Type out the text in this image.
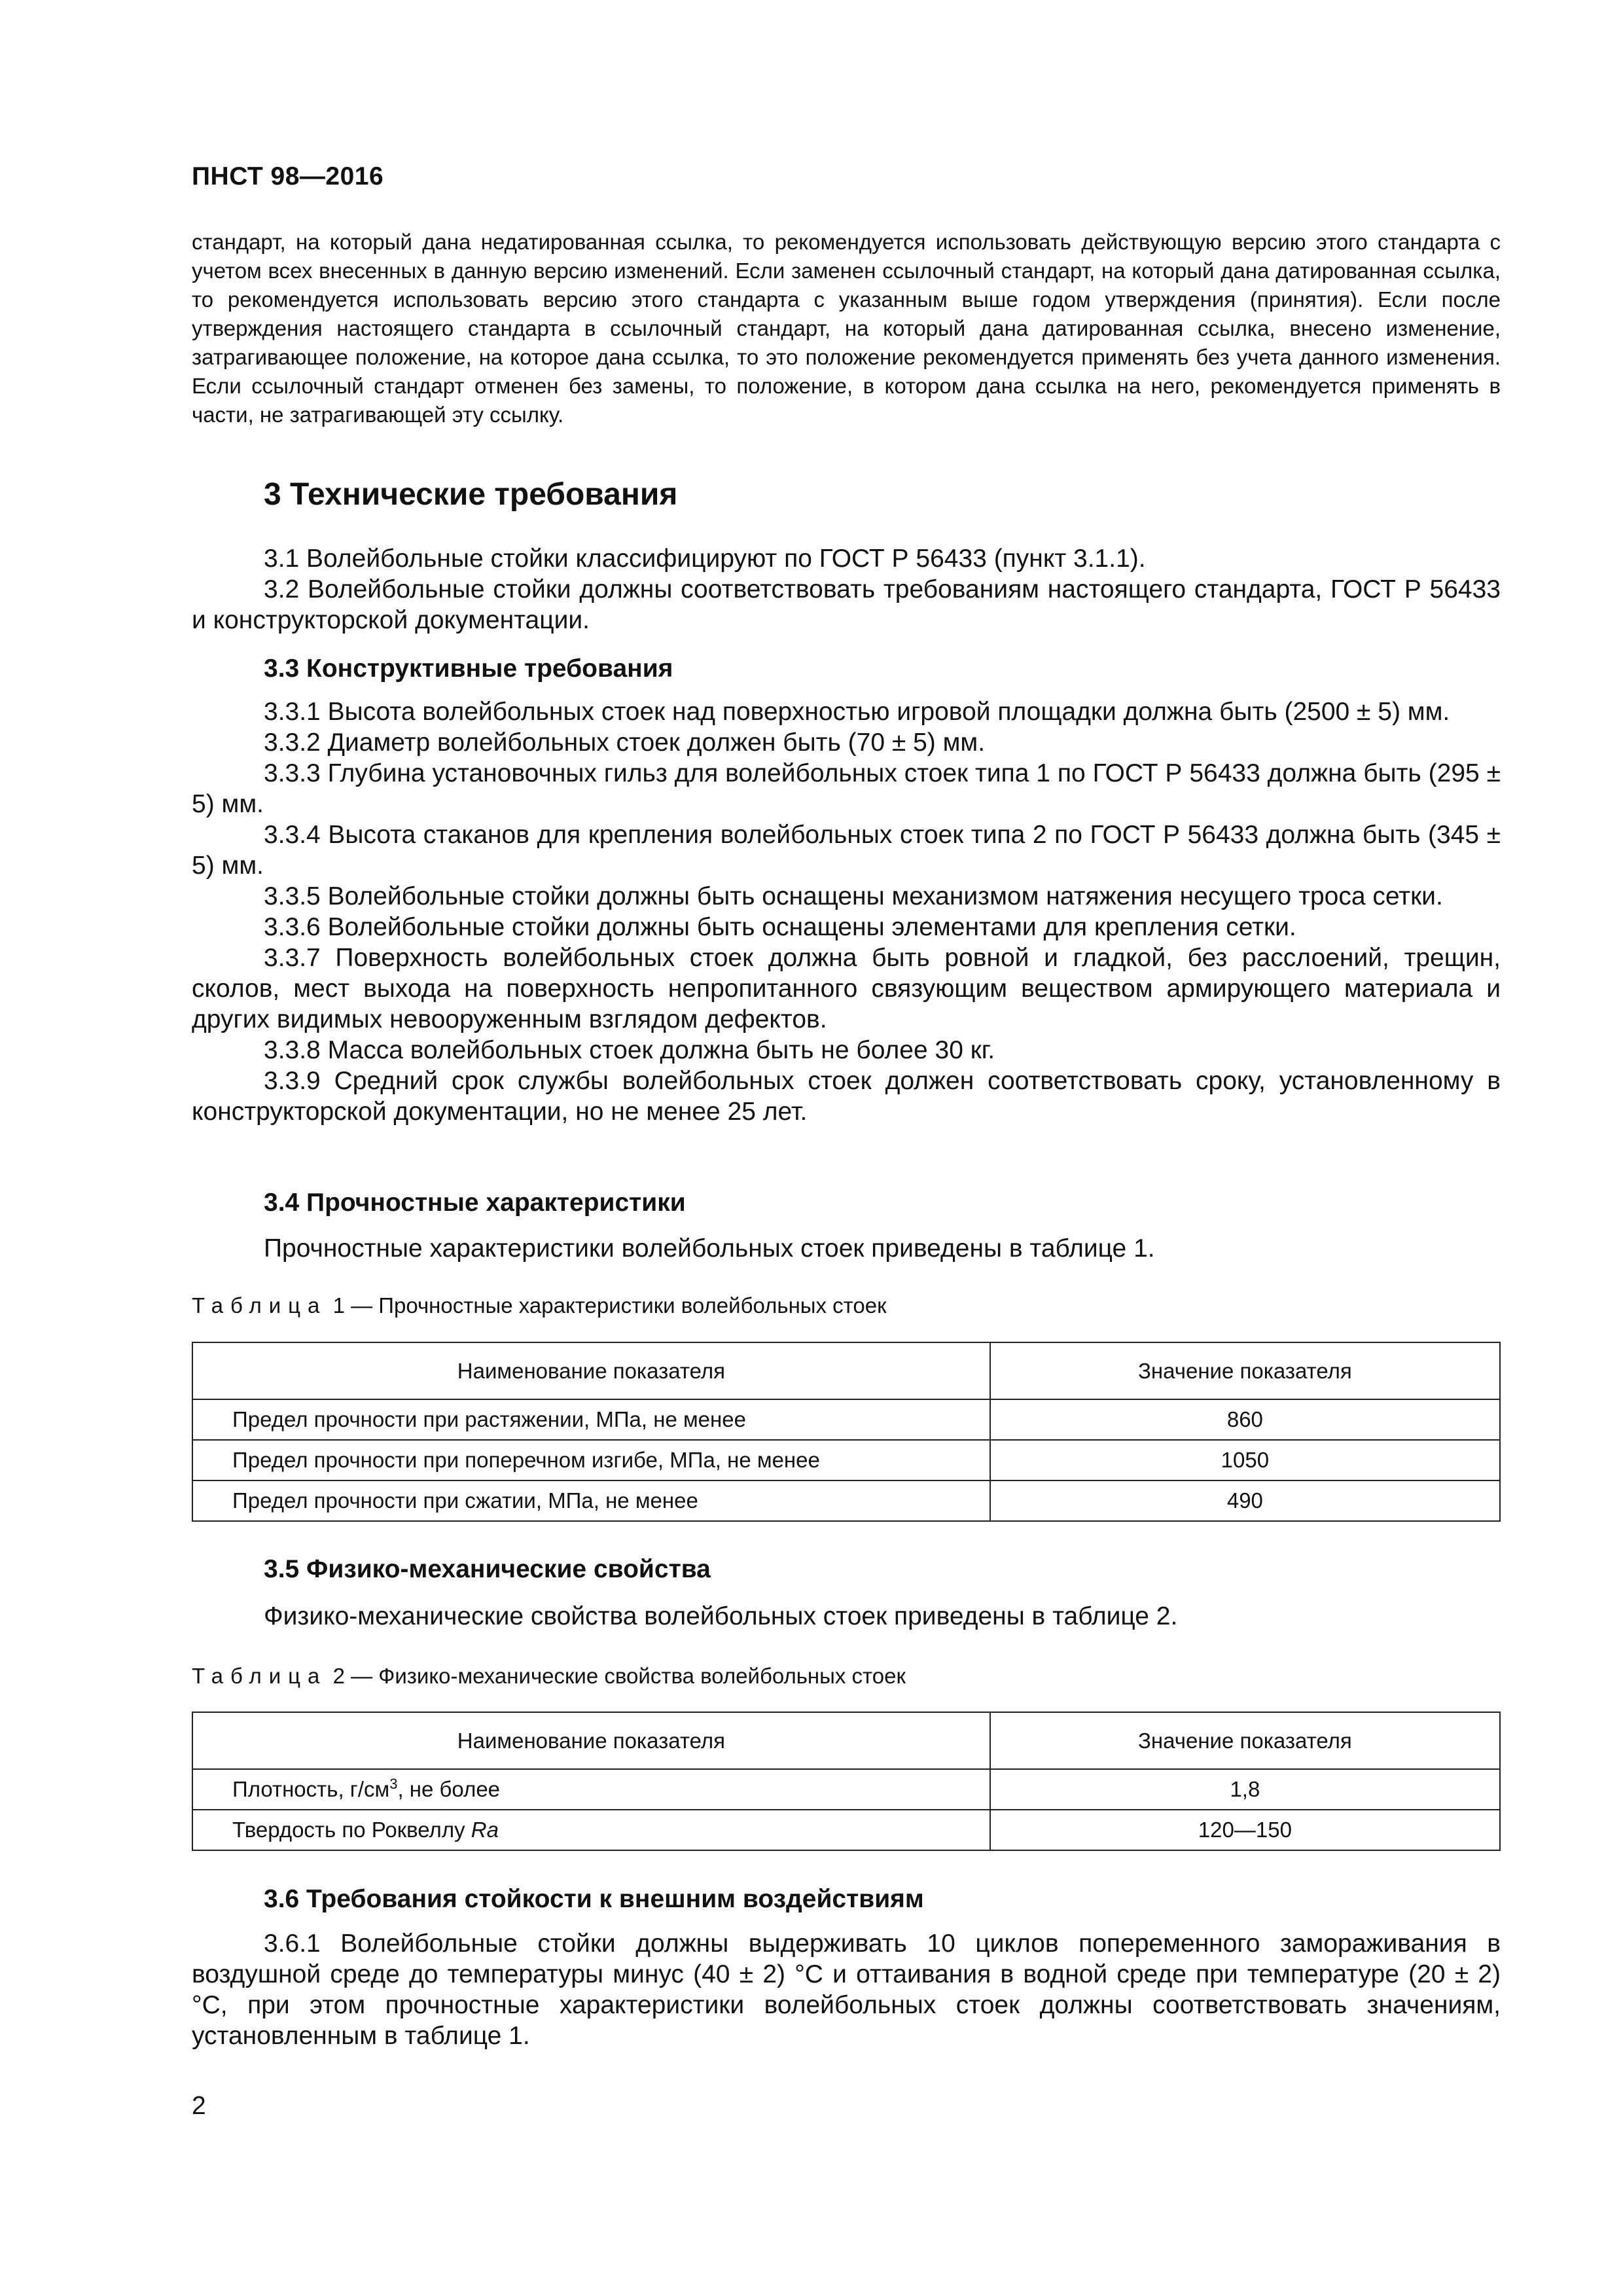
ПНСТ 98—2016

стандарт, на который дана недатированная ссылка, то рекомендуется использовать действующую версию этого стандарта с учетом всех внесенных в данную версию изменений. Если заменен ссылочный стандарт, на который дана датированная ссылка, то рекомендуется использовать версию этого стандарта с указанным выше годом утверждения (принятия). Если после утверждения настоящего стандарта в ссылочный стандарт, на который дана датированная ссылка, внесено изменение, затрагивающее положение, на которое дана ссылка, то это положение рекомендуется применять без учета данного изменения. Если ссылочный стандарт отменен без замены, то положение, в котором дана ссылка на него, рекомендуется применять в части, не затрагивающей эту ссылку.

3 Технические требования

3.1 Волейбольные стойки классифицируют по ГОСТ Р 56433 (пункт 3.1.1).

3.2 Волейбольные стойки должны соответствовать требованиям настоящего стандарта, ГОСТ Р 56433 и конструкторской документации.

3.3 Конструктивные требования

3.3.1 Высота волейбольных стоек над поверхностью игровой площадки должна быть (2500 ± 5) мм.

3.3.2 Диаметр волейбольных стоек должен быть (70 ± 5) мм.

3.3.3 Глубина установочных гильз для волейбольных стоек типа 1 по ГОСТ Р 56433 должна быть (295 ± 5) мм.

3.3.4 Высота стаканов для крепления волейбольных стоек типа 2 по ГОСТ Р 56433 должна быть (345 ± 5) мм.

3.3.5 Волейбольные стойки должны быть оснащены механизмом натяжения несущего троса сетки.

3.3.6 Волейбольные стойки должны быть оснащены элементами для крепления сетки.

3.3.7 Поверхность волейбольных стоек должна быть ровной и гладкой, без расслоений, трещин, сколов, мест выхода на поверхность непропитанного связующим веществом армирующего материала и других видимых невооруженным взглядом дефектов.

3.3.8 Масса волейбольных стоек должна быть не более 30 кг.

3.3.9 Средний срок службы волейбольных стоек должен соответствовать сроку, установленному в конструкторской документации, но не менее 25 лет.

3.4 Прочностные характеристики

Прочностные характеристики волейбольных стоек приведены в таблице 1.

Таблица 1 — Прочностные характеристики волейбольных стоек
Наименование показателя	Значение показателя
Предел прочности при растяжении, МПа, не менее	860
Предел прочности при поперечном изгибе, МПа, не менее	1050
Предел прочности при сжатии, МПа, не менее	490
3.5 Физико-механические свойства

Физико-механические свойства волейбольных стоек приведены в таблице 2.

Таблица 2 — Физико-механические свойства волейбольных стоек
Наименование показателя	Значение показателя
Плотность, $г/см^3$, не более	1,8
Твердость по Роквеллу Ra	120—150
3.6 Требования стойкости к внешним воздействиям

3.6.1 Волейбольные стойки должны выдерживать 10 циклов попеременного замораживания в воздушной среде до температуры минус (40 ± 2) °С и оттаивания в водной среде при температуре (20 ± 2) °С, при этом прочностные характеристики волейбольных стоек должны соответствовать значениям, установленным в таблице 1.

2
